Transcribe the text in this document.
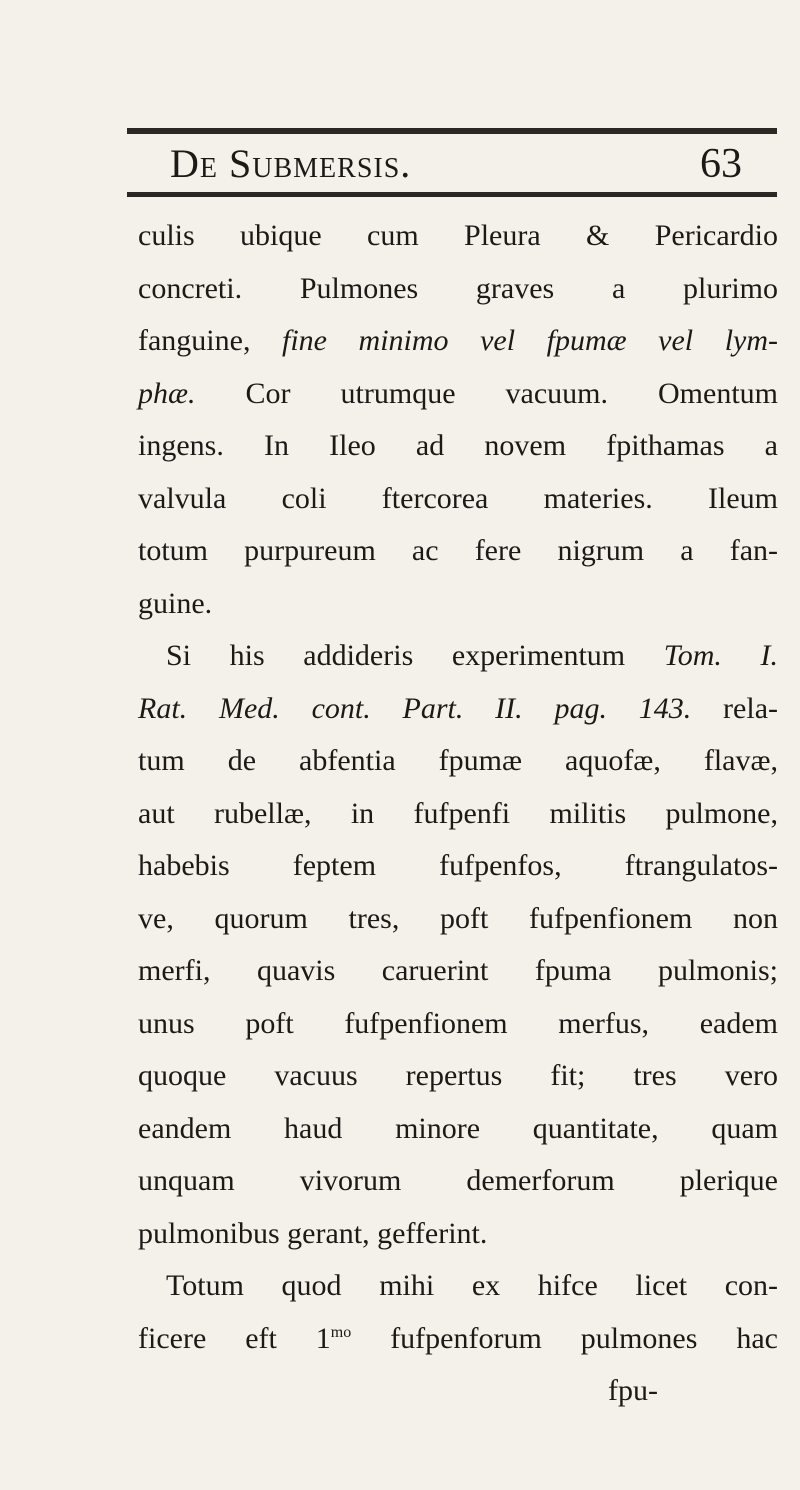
De Submersis.	63
culis ubique cum Pleura & Pericardio
concreti. Pulmones graves a plurimo
fanguine, fine minimo vel fpumæ vel lym-
phæ. Cor utrumque vacuum. Omentum
ingens. In Ileo ad novem fpithamas a
valvula coli ftercorea materies. Ileum
totum purpureum ac fere nigrum a fan-
guine.
Si his addideris experimentum Tom. I.
Rat. Med. cont. Part. II. pag. 143. rela-
tum de abfentia fpumæ aquofæ, flavæ,
aut rubellæ, in fufpenfi militis pulmone,
habebis feptem fufpenfos, ftrangulatos-
ve, quorum tres, poft fufpenfionem non
merfi, quavis caruerint fpuma pulmonis;
unus poft fufpenfionem merfus, eadem
quoque vacuus repertus fit; tres vero
eandem haud minore quantitate, quam
unquam vivorum demerforum plerique
pulmonibus gerant, gefferint.
Totum quod mihi ex hifce licet con-
ficere eft $1^{mo}$ fufpenforum pulmones hac
fpu-
